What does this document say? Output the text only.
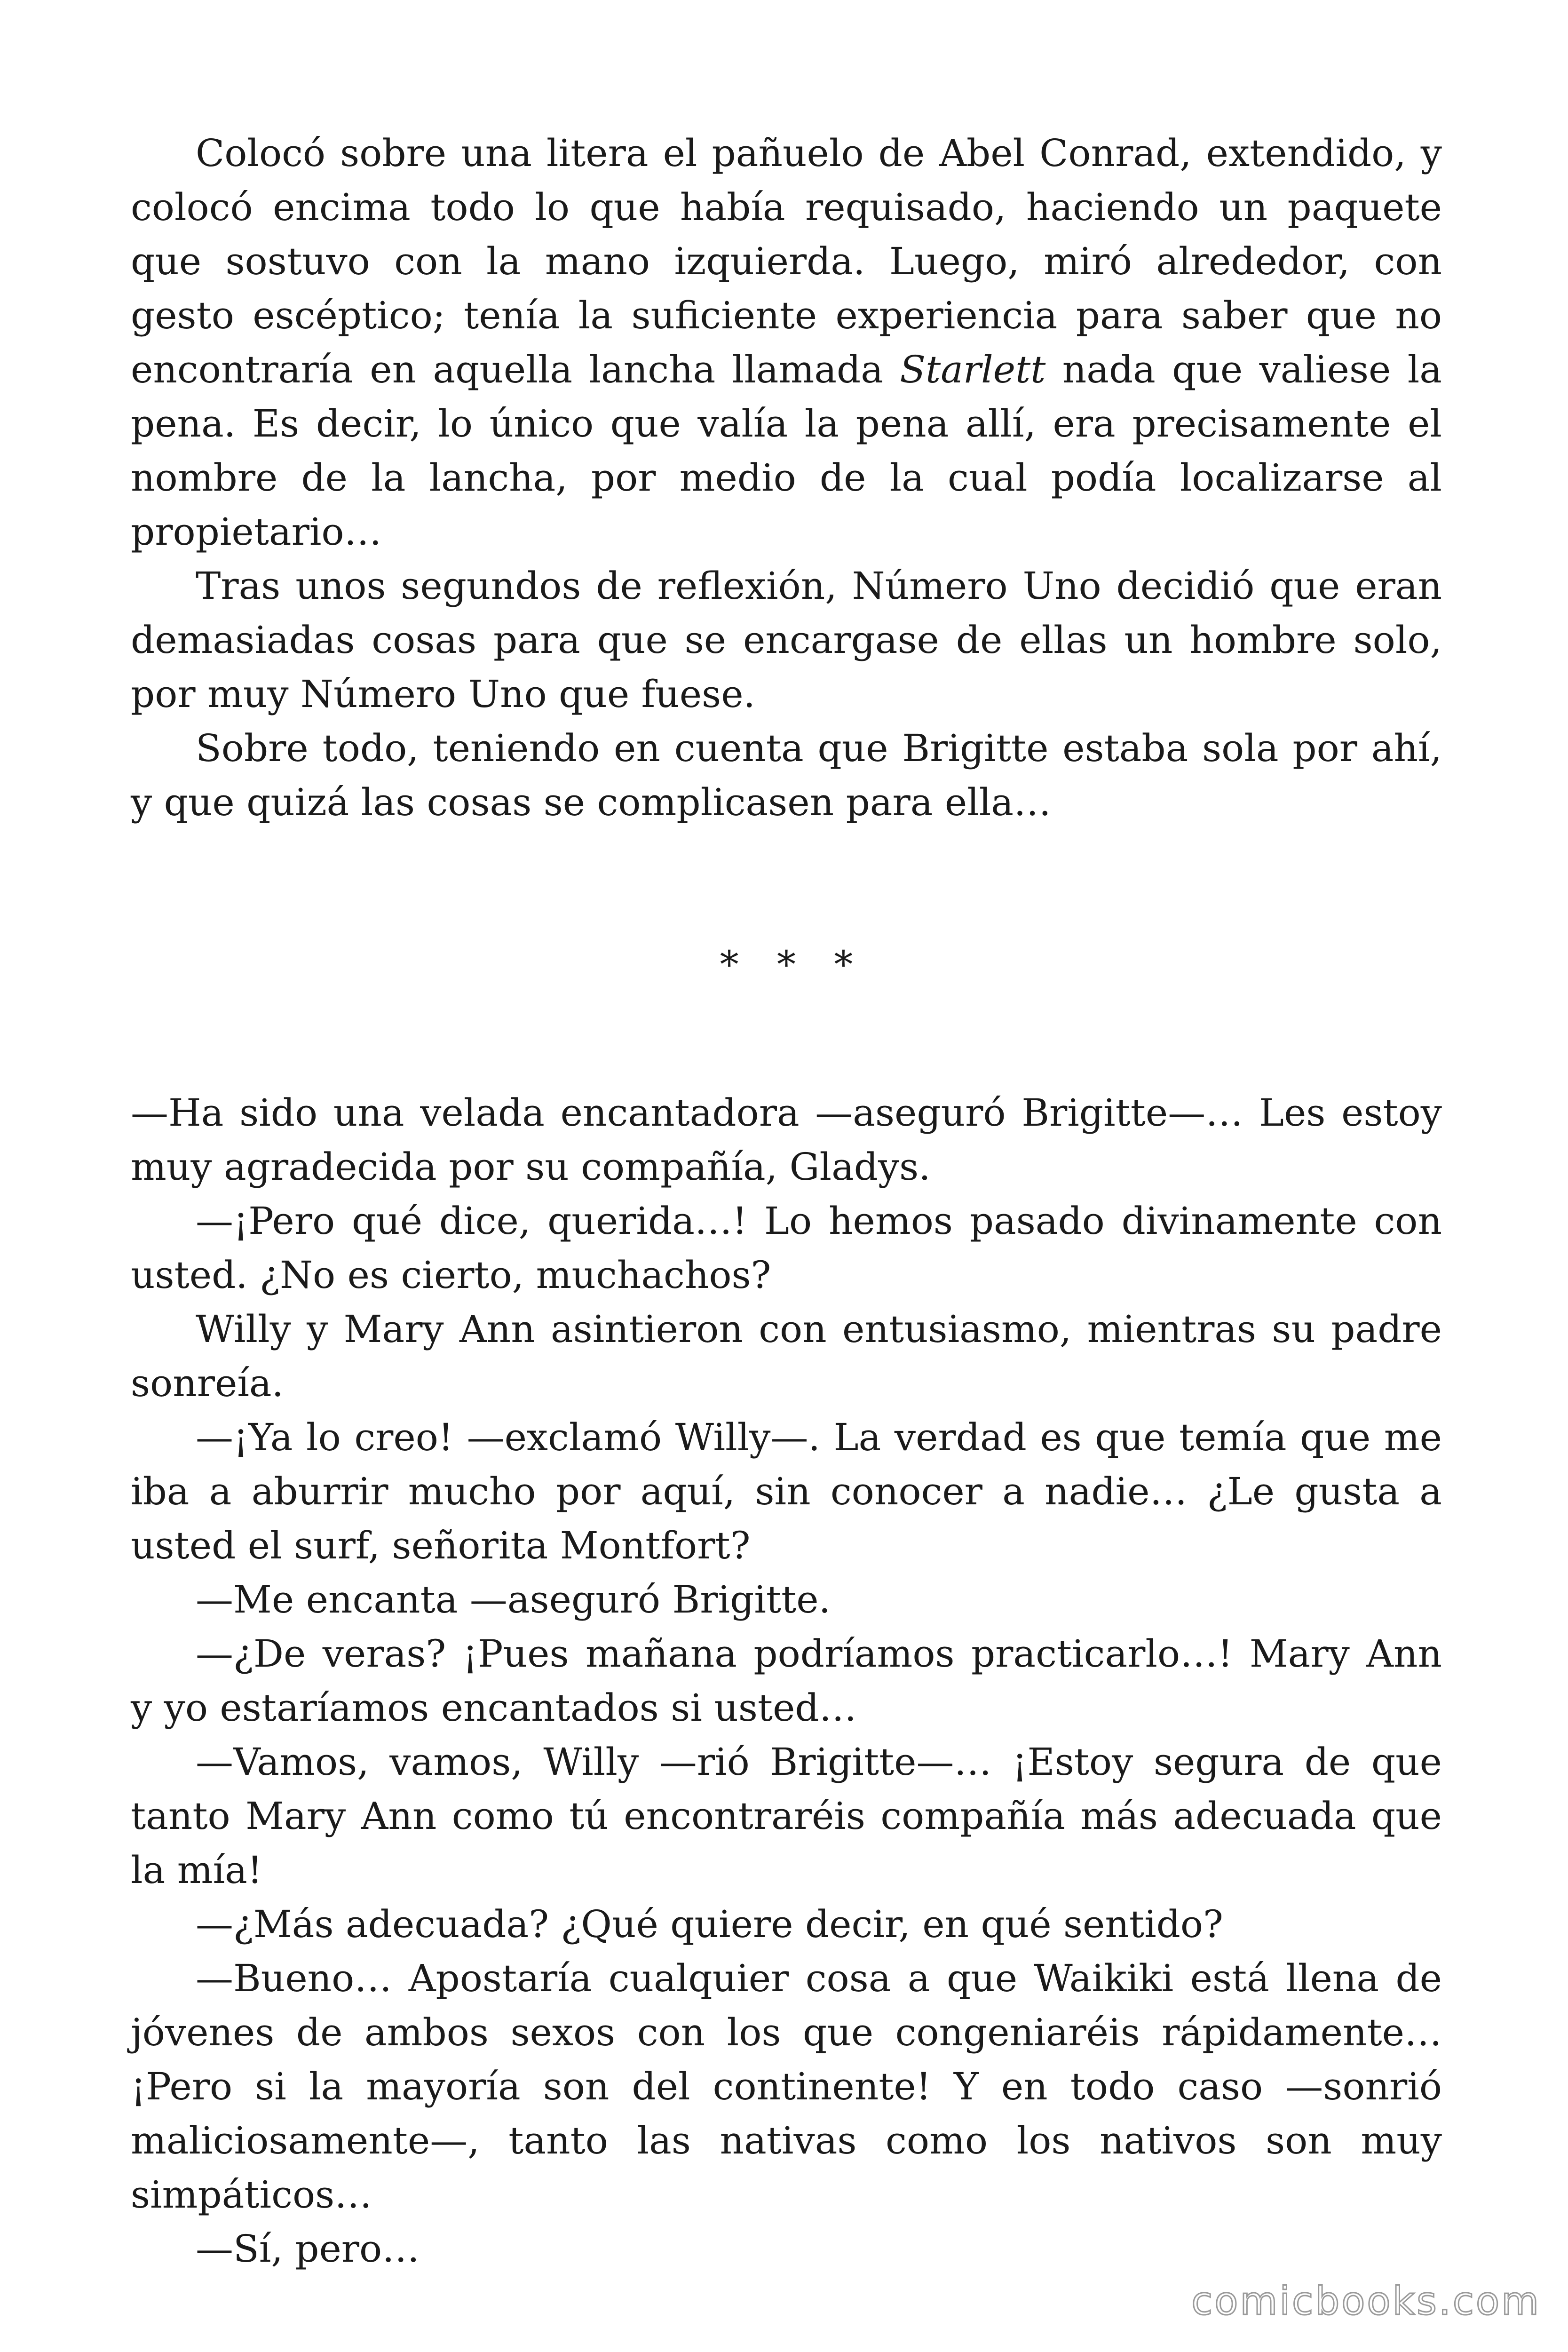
Colocó sobre una litera el pañuelo de Abel Conrad, extendido, y colocó encima todo lo que había requisado, haciendo un paquete que sostuvo con la mano izquierda. Luego, miró alrededor, con gesto escéptico; tenía la suficiente experiencia para saber que no encontraría en aquella lancha llamada Starlett nada que valiese la pena. Es decir, lo único que valía la pena allí, era precisamente el nombre de la lancha, por medio de la cual podía localizarse al propietario…

Tras unos segundos de reflexión, Número Uno decidió que eran demasiadas cosas para que se encargase de ellas un hombre solo, por muy Número Uno que fuese.

Sobre todo, teniendo en cuenta que Brigitte estaba sola por ahí, y que quizá las cosas se complicasen para ella…

* * *

—Ha sido una velada encantadora —aseguró Brigitte—… Les estoy muy agradecida por su compañía, Gladys.

—¡Pero qué dice, querida…! Lo hemos pasado divinamente con usted. ¿No es cierto, muchachos?

Willy y Mary Ann asintieron con entusiasmo, mientras su padre sonreía.

—¡Ya lo creo! —exclamó Willy—. La verdad es que temía que me iba a aburrir mucho por aquí, sin conocer a nadie… ¿Le gusta a usted el surf, señorita Montfort?

—Me encanta —aseguró Brigitte.

—¿De veras? ¡Pues mañana podríamos practicarlo…! Mary Ann y yo estaríamos encantados si usted…

—Vamos, vamos, Willy —rió Brigitte—… ¡Estoy segura de que tanto Mary Ann como tú encontraréis compañía más adecuada que la mía!

—¿Más adecuada? ¿Qué quiere decir, en qué sentido?

—Bueno… Apostaría cualquier cosa a que Waikiki está llena de jóvenes de ambos sexos con los que congeniaréis rápidamente… ¡Pero si la mayoría son del continente! Y en todo caso —sonrió maliciosamente—, tanto las nativas como los nativos son muy simpáticos…

—Sí, pero…

comicbooks.com
